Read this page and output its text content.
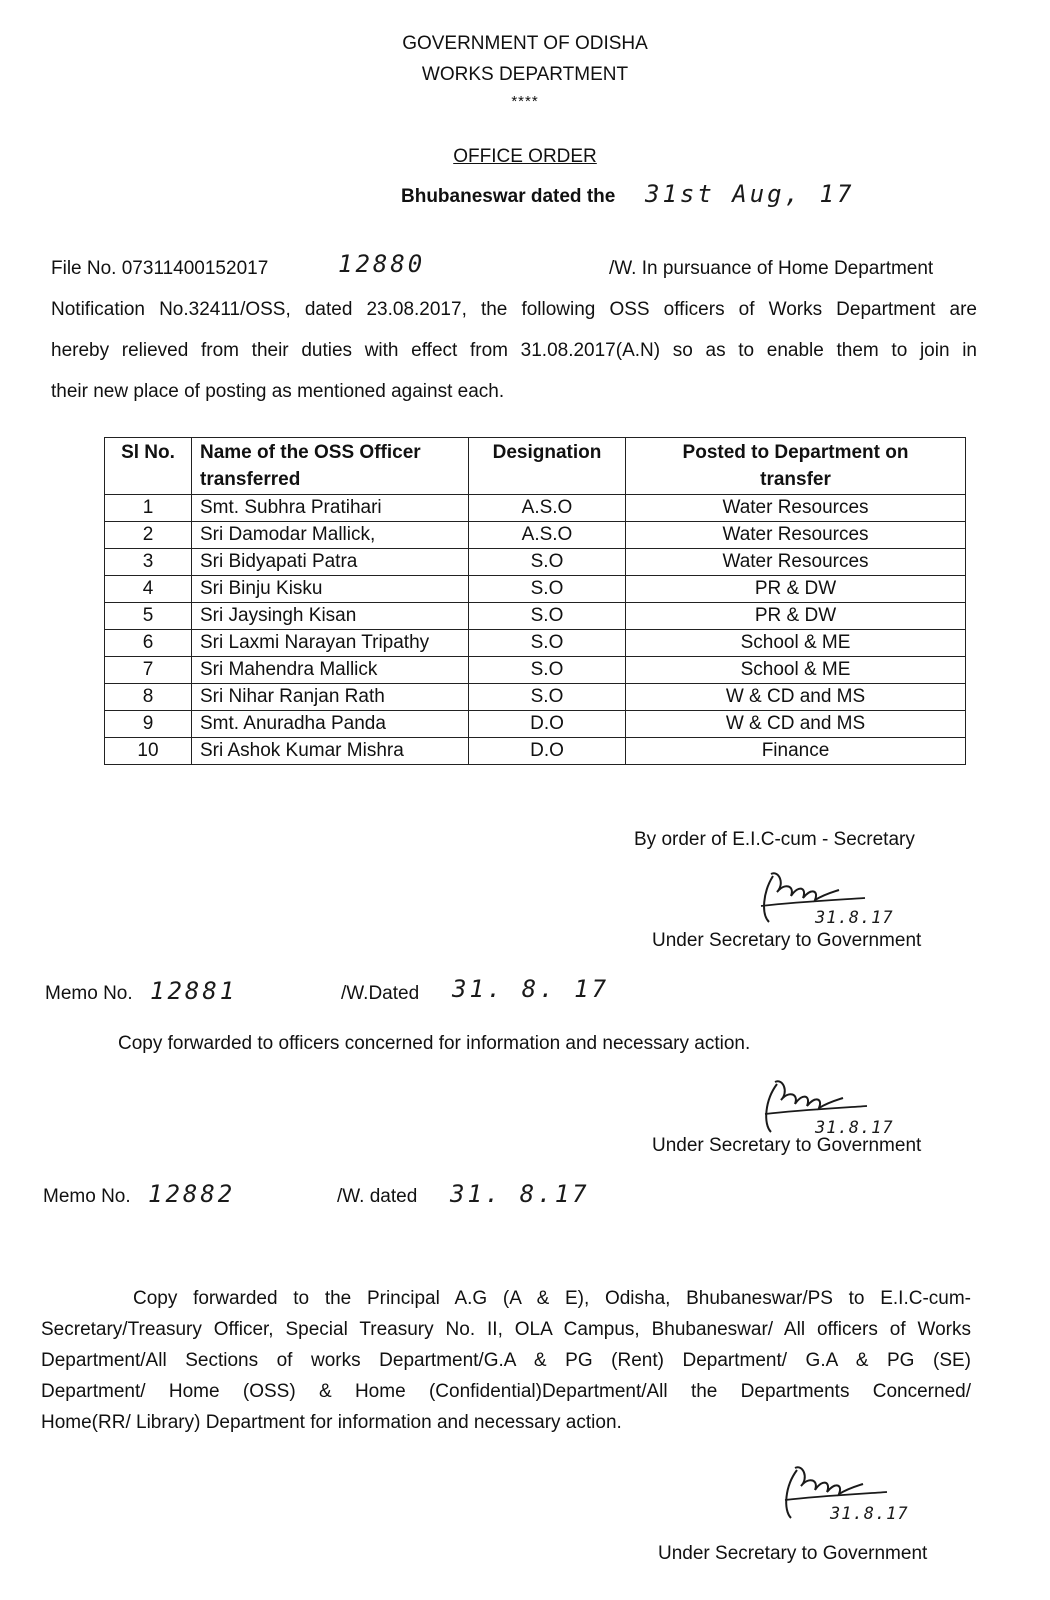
GOVERNMENT OF ODISHA
WORKS DEPARTMENT
****
OFFICE ORDER
Bhubaneswar dated the 31st Aug, 17
File No. 07311400152017	12880	/W. In pursuance of Home Department
Notification No.32411/OSS, dated 23.08.2017, the following OSS officers of Works Department are
hereby relieved from their duties with effect from 31.08.2017(A.N) so as to enable them to join in
their new place of posting as mentioned against each.
Sl No.	Name of the OSS Officer transferred	Designation	Posted to Department on transfer
1	Smt. Subhra Pratihari	A.S.O	Water Resources
2	Sri Damodar Mallick,	A.S.O	Water Resources
3	Sri Bidyapati Patra	S.O	Water Resources
4	Sri Binju Kisku	S.O	PR & DW
5	Sri Jaysingh Kisan	S.O	PR & DW
6	Sri Laxmi Narayan Tripathy	S.O	School & ME
7	Sri Mahendra Mallick	S.O	School & ME
8	Sri Nihar Ranjan Rath	S.O	W & CD and MS
9	Smt. Anuradha Panda	D.O	W & CD and MS
10	Sri Ashok Kumar Mishra	D.O	Finance
By order of E.I.C-cum - Secretary
31.8.17
Under Secretary to Government
Memo No. 12881	/W.Dated 31. 8. 17
Copy forwarded to officers concerned for information and necessary action.
31.8.17
Under Secretary to Government
Memo No. 12882	/W. dated 31. 8.17
Copy forwarded to the Principal A.G (A & E), Odisha, Bhubaneswar/PS to E.I.C-cum-
Secretary/Treasury Officer, Special Treasury No. II, OLA Campus, Bhubaneswar/ All officers of Works
Department/All Sections of works Department/G.A & PG (Rent) Department/ G.A & PG (SE)
Department/ Home (OSS) & Home (Confidential)Department/All the Departments Concerned/
Home(RR/ Library) Department for information and necessary action.
31.8.17
Under Secretary to Government
